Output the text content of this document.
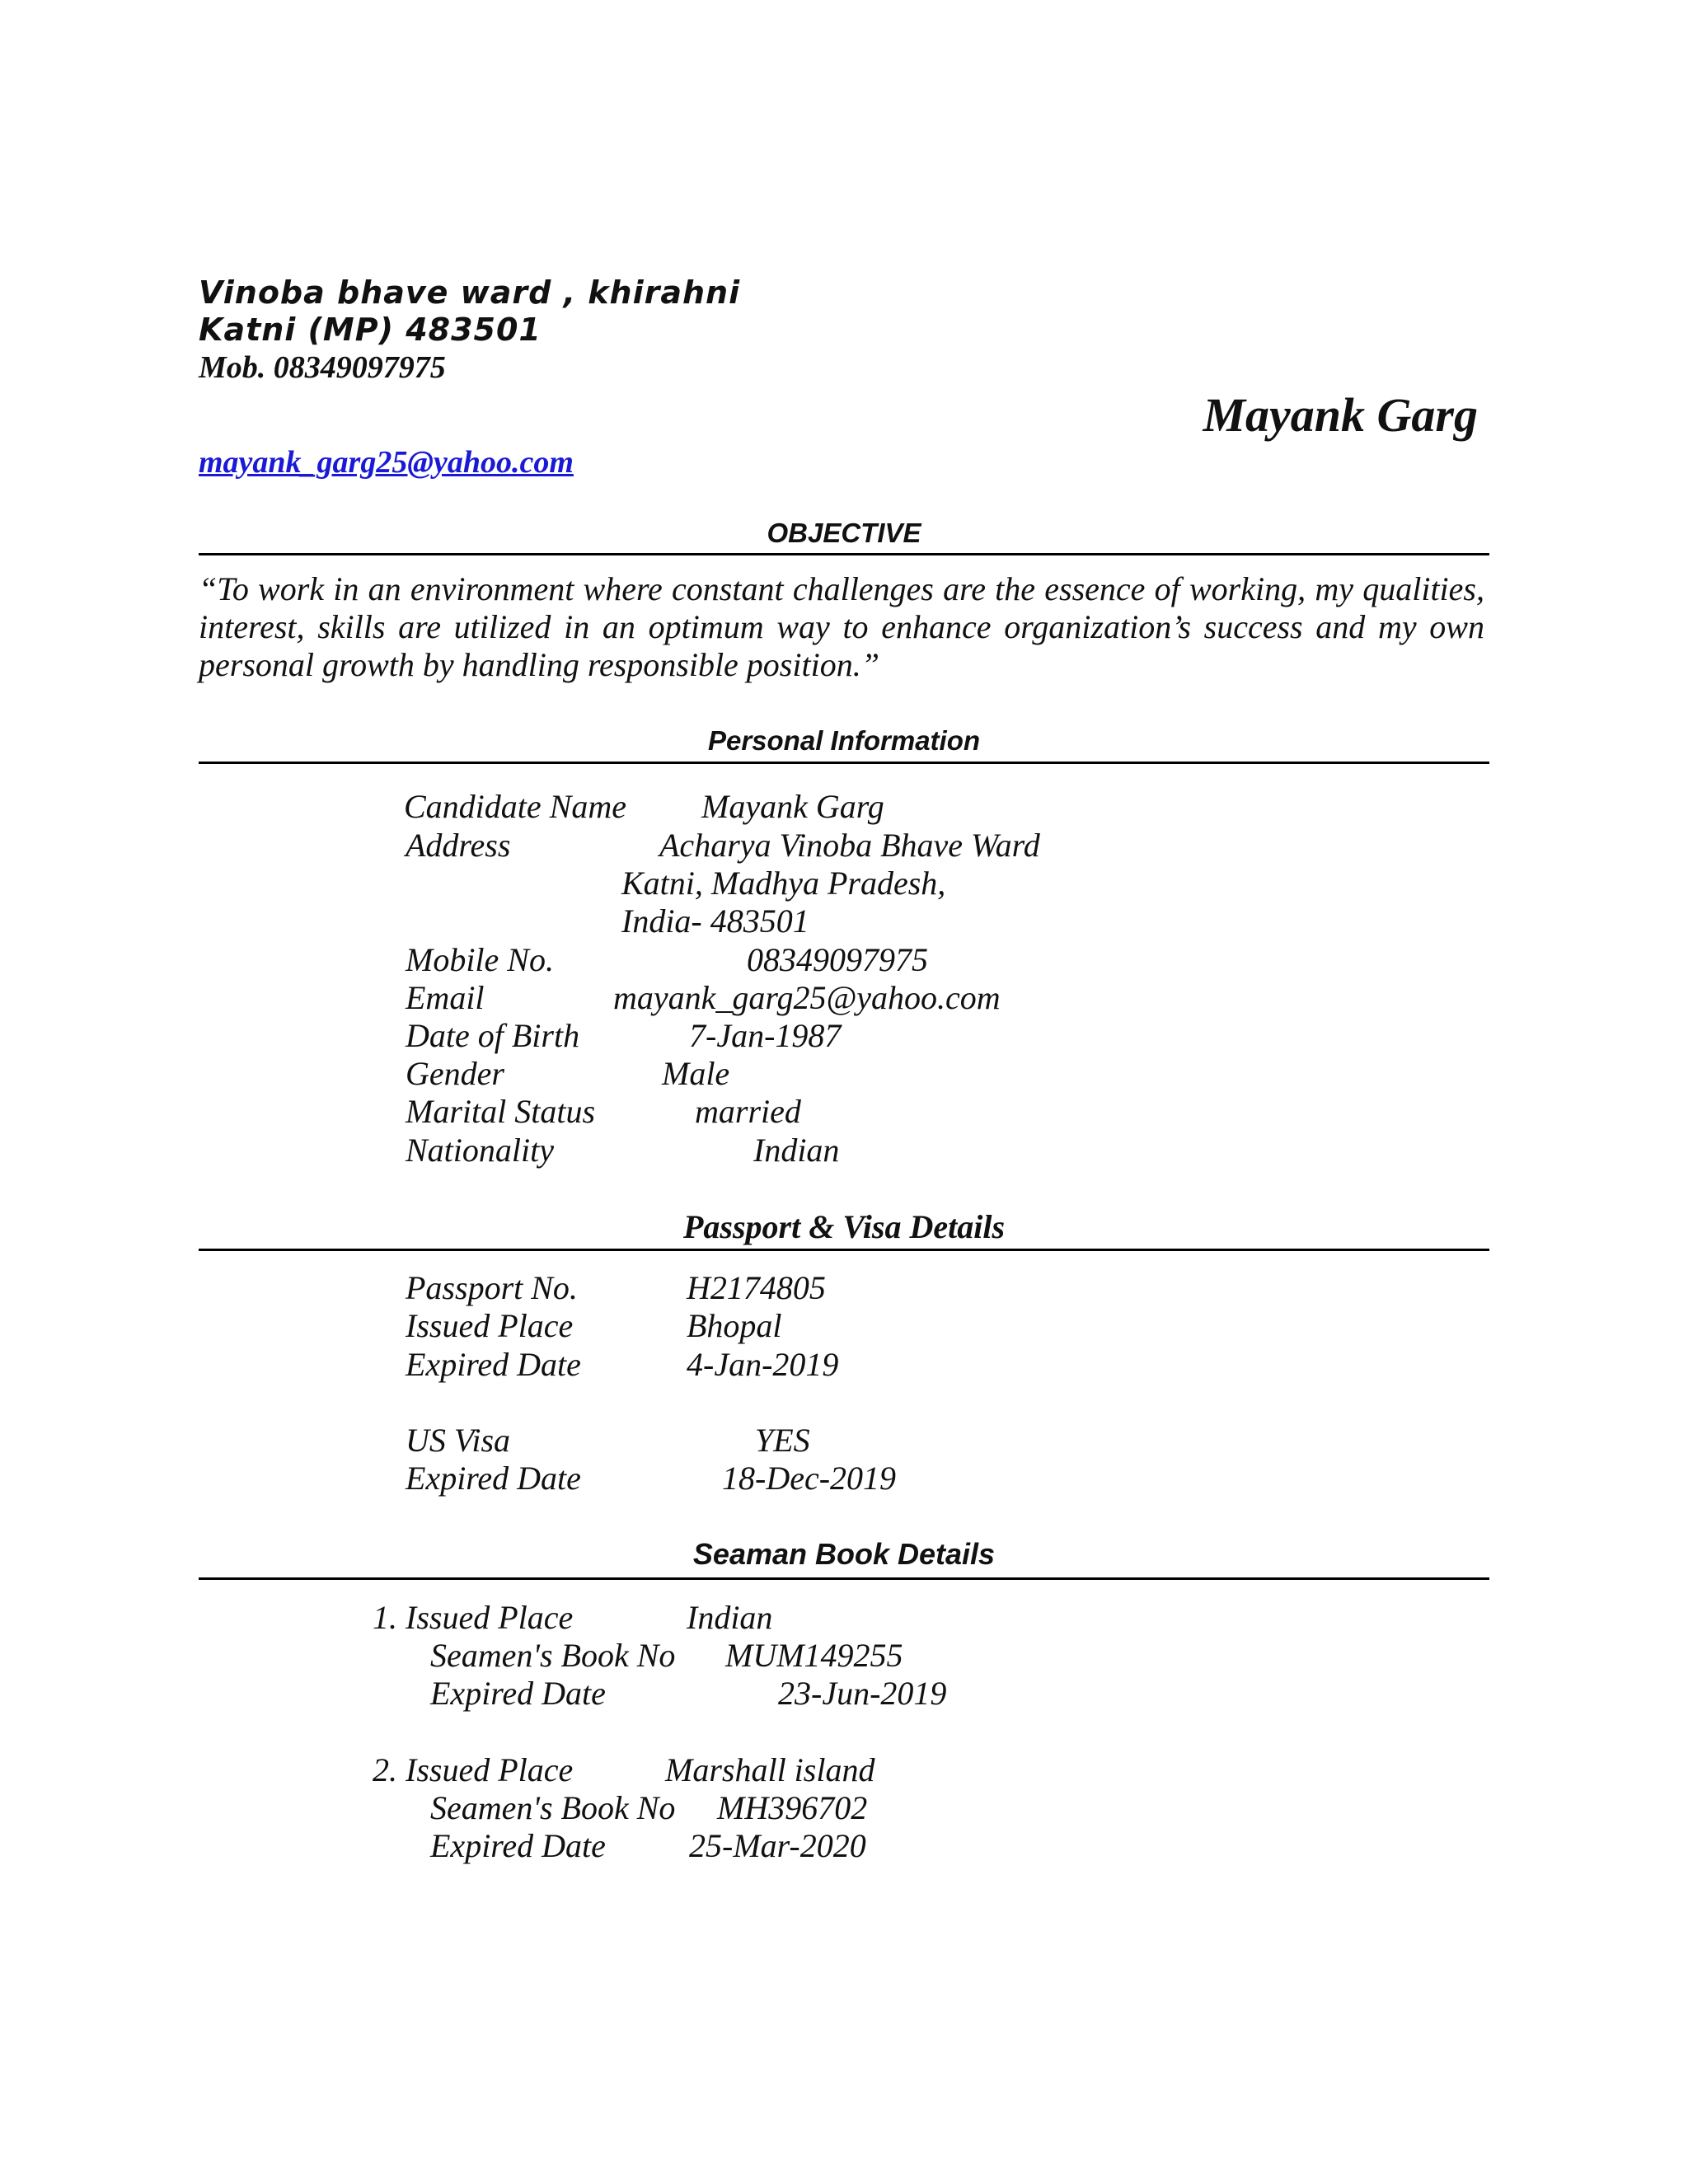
Vinoba bhave ward , khirahni
Katni (MP) 483501
Mob. 08349097975
Mayank Garg
mayank_garg25@yahoo.com
OBJECTIVE
“To work in an environment where constant challenges are the essence of working, my qualities, interest, skills are utilized in an optimum way to enhance organization’s success and my own personal growth by handling responsible position.”
Personal Information
Candidate Name Mayank Garg
Address	Acharya Vinoba Bhave Ward
Katni, Madhya Pradesh,
India- 483501
Mobile No.	08349097975
Email	mayank_garg25@yahoo.com
Date of Birth	7-Jan-1987
Gender	Male
Marital Status	married
Nationality	Indian
Passport & Visa Details
Passport No.	H2174805
Issued Place	Bhopal
Expired Date	4-Jan-2019
US Visa	YES
Expired Date	18-Dec-2019
Seaman Book Details
1. Issued Place	Indian
Seamen's Book No MUM149255
Expired Date	23-Jun-2019
2. Issued Place	Marshall island
Seamen's Book No MH396702
Expired Date	25-Mar-2020
